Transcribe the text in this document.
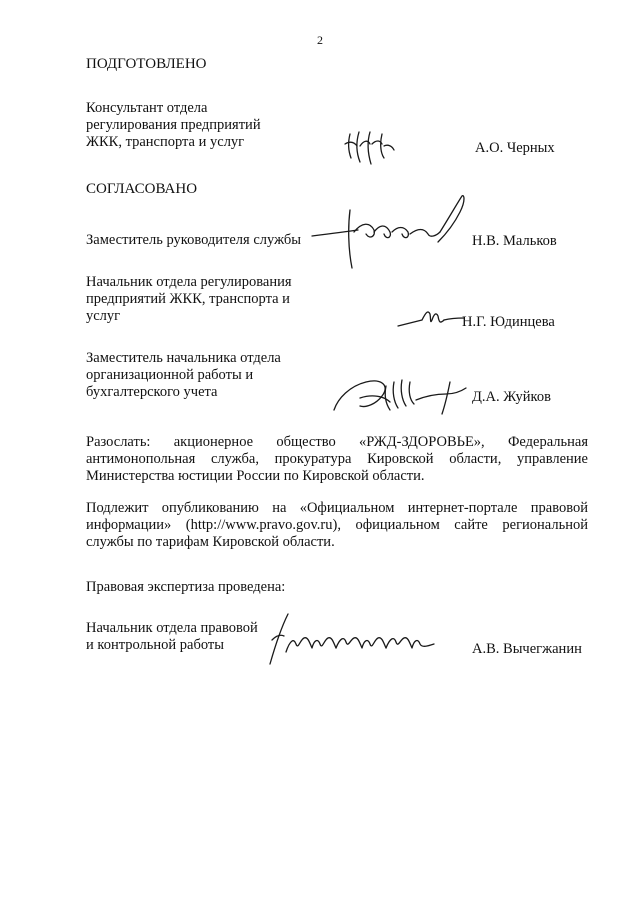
2
ПОДГОТОВЛЕНО
Консультант отдела
регулирования предприятий
ЖКК, транспорта и услуг	А.О. Черных
СОГЛАСОВАНО
Заместитель руководителя службы	Н.В. Мальков
Начальник отдела регулирования
предприятий ЖКК, транспорта и
услуг	Н.Г. Юдинцева
Заместитель начальника отдела
организационной работы и
бухгалтерского учета	Д.А. Жуйков
Разослать: акционерное общество «РЖД-ЗДОРОВЬЕ», Федеральная
антимонопольная служба, прокуратура Кировской области, управление
Министерства юстиции России по Кировской области.
Подлежит опубликованию на «Официальном интернет-портале правовой
информации» (http://www.pravo.gov.ru), официальном сайте региональной
службы по тарифам Кировской области.
Правовая экспертиза проведена:
Начальник отдела правовой
и контрольной работы	А.В. Вычегжанин
